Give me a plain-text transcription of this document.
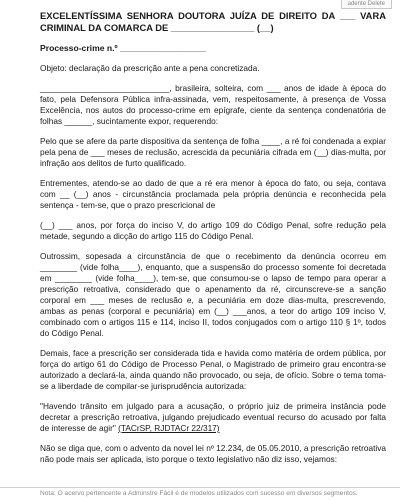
adente Delete
EXCELENTÍSSIMA SENHORA DOUTORA JUÍZA DE DIREITO DA ___ VARA CRIMINAL DA COMARCA DE ________________ (__)
Processo-crime n.º __________________

Objeto: declaração da prescrição ante a pena concretizada.

____________________________, brasileira, solteira, com ___ anos de idade à época do fato, pela Defensora Pública infra-assinada, vem, respeitosamente, à presença de Vossa Excelência, nos autos do processo-crime em epígrafe, ciente da sentença condenatória de folhas ______, sucintamente expor, requerendo:

Pelo que se afere da parte dispositiva da sentença de folha ____, a ré foi condenada a expiar pela pena de ___ meses de reclusão, acrescida da pecuniária cifrada em (__) dias-multa, por infração aos delitos de furto qualificado.

Entrementes, atendo-se ao dado de que a ré era menor à época do fato, ou seja, contava com __ (__) anos - circunstância proclamada pela própria denúncia e reconhecida pela sentença - tem-se, que o prazo prescricional de

(__) ___ anos, por força do inciso V, do artigo 109 do Código Penal, sofre redução pela metade, segundo a dicção do artigo 115 do Código Penal.

Outrossim, sopesada a circunstância de que o recebimento da denúncia ocorreu em ________ (vide folha____), enquanto, que a suspensão do processo somente foi decretada em ________ (vide folha____), tem-se, que consumou-se o lapso de tempo para operar a prescrição retroativa, considerado que o apenamento da ré, circunscreve-se a sanção corporal em ___ meses de reclusão e, a pecuniária em doze dias-multa, prescrevendo, ambas as penas (corporal e pecuniária) em (__) ___anos, a teor do artigo 109 inciso V, combinado com o artigos 115 e 114, inciso II, todos conjugados com o artigo 110 § 1º, todos do Código Penal.

Demais, face a prescrição ser considerada tida e havida como matéria de ordem pública, por força do artigo 61 do Código de Processo Penal, o Magistrado de primeiro grau encontra-se autorizado a declará-la, ainda quando não provocado, ou seja, de ofício. Sobre o tema toma-se a liberdade de compilar-se jurisprudência autorizada:

"Havendo trânsito em julgado para a acusação, o próprio juiz de primeira instância pode decretar a prescrição retroativa, julgando prejudicado eventual recurso do acusado por falta de interesse de agir" (TACrSP, RJDTACr 22/317)

Não se diga que, com o advento da novel lei nº 12.234, de 05.05.2010, a prescrição retroativa não pode mais ser aplicada, isto porque o texto legislativo não diz isso, vejamos:

Nota: O acervo pertencente a Adminstre Fácil é de modelos utilizados com sucesso em diversos segmentos.
